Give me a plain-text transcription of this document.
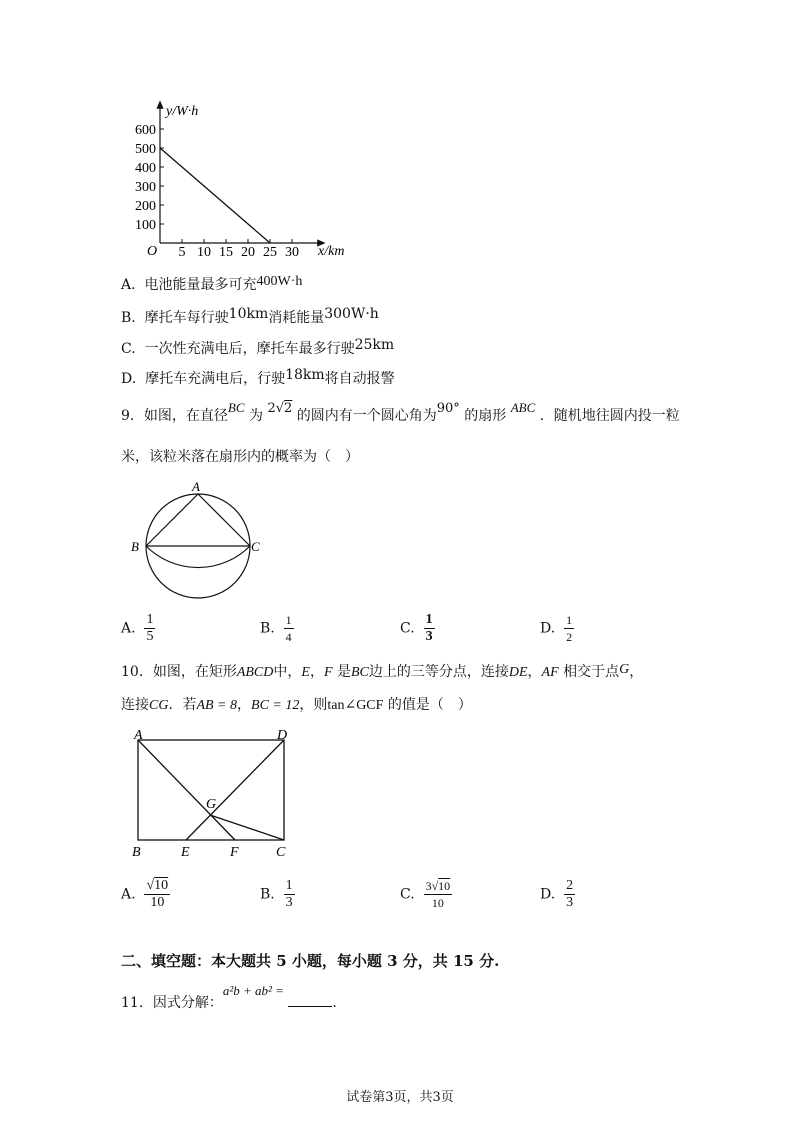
600
500
400
300
200
100
5 10 15 20 25 30
y/W·h
x/km
O
A. 电池能量最多可充400W·h
B. 摩托车每行驶10km消耗能量300W·h
C. 一次性充满电后，摩托车最多行驶25km
D. 摩托车充满电后，行驶18km将自动报警
9．如图，在直径BC 为 2√2 的圆内有一个圆心角为90° 的扇形 ABC ．随机地往圆内投一粒
米，该粒米落在扇形内的概率为（　）
A
B	C
A. $\frac{1}{5}$	B. $\frac{1}{4}$	C. $\frac{1}{3}$	D. $\frac{1}{2}$
10．如图，在矩形ABCD中，E，F 是BC边上的三等分点，连接DE，AF 相交于点G，
连接CG．若AB = 8，BC = 12，则tan∠GCF 的值是（　）
A	D
G
B	E	F	C
A. $\frac{√10}{10}$	B. $\frac{1}{3}$	C. $\frac{3√10}{10}$	D. $\frac{2}{3}$
二、填空题：本大题共 5 小题，每小题 3 分，共 15 分.
11．因式分解：a²b + ab² = .
试卷第3页，共3页
